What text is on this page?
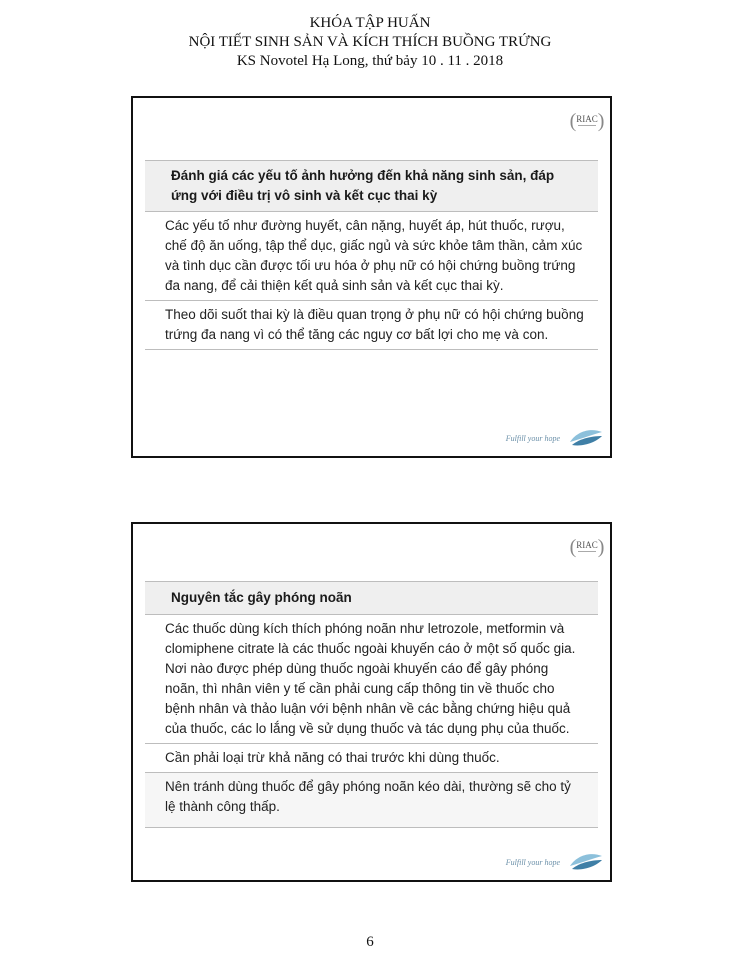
KHÓA TẬP HUẤN
NỘI TIẾT SINH SẢN VÀ KÍCH THÍCH BUỒNG TRỨNG
KS Novotel Hạ Long, thứ bảy 10 . 11 . 2018
( RIAC )
Đánh giá các yếu tố ảnh hưởng đến khả năng sinh sản, đáp ứng với điều trị vô sinh và kết cục thai kỳ
Các yếu tố như đường huyết, cân nặng, huyết áp, hút thuốc, rượu, chế độ ăn uống, tập thể dục, giấc ngủ và sức khỏe tâm thần, cảm xúc và tình dục cần được tối ưu hóa ở phụ nữ có hội chứng buồng trứng đa nang, để cải thiện kết quả sinh sản và kết cục thai kỳ.
Theo dõi suốt thai kỳ là điều quan trọng ở phụ nữ có hội chứng buồng trứng đa nang vì có thể tăng các nguy cơ bất lợi cho mẹ và con.
Fulfill your hope
( RIAC )
Nguyên tắc gây phóng noãn
Các thuốc dùng kích thích phóng noãn như letrozole, metformin và clomiphene citrate là các thuốc ngoài khuyến cáo ở một số quốc gia. Nơi nào được phép dùng thuốc ngoài khuyến cáo để gây phóng noãn, thì nhân viên y tế cần phải cung cấp thông tin về thuốc cho bệnh nhân và thảo luận với bệnh nhân về các bằng chứng hiệu quả của thuốc, các lo lắng về sử dụng thuốc và tác dụng phụ của thuốc.
Cần phải loại trừ khả năng có thai trước khi dùng thuốc.
Nên tránh dùng thuốc để gây phóng noãn kéo dài, thường sẽ cho tỷ lệ thành công thấp.
Fulfill your hope
6
